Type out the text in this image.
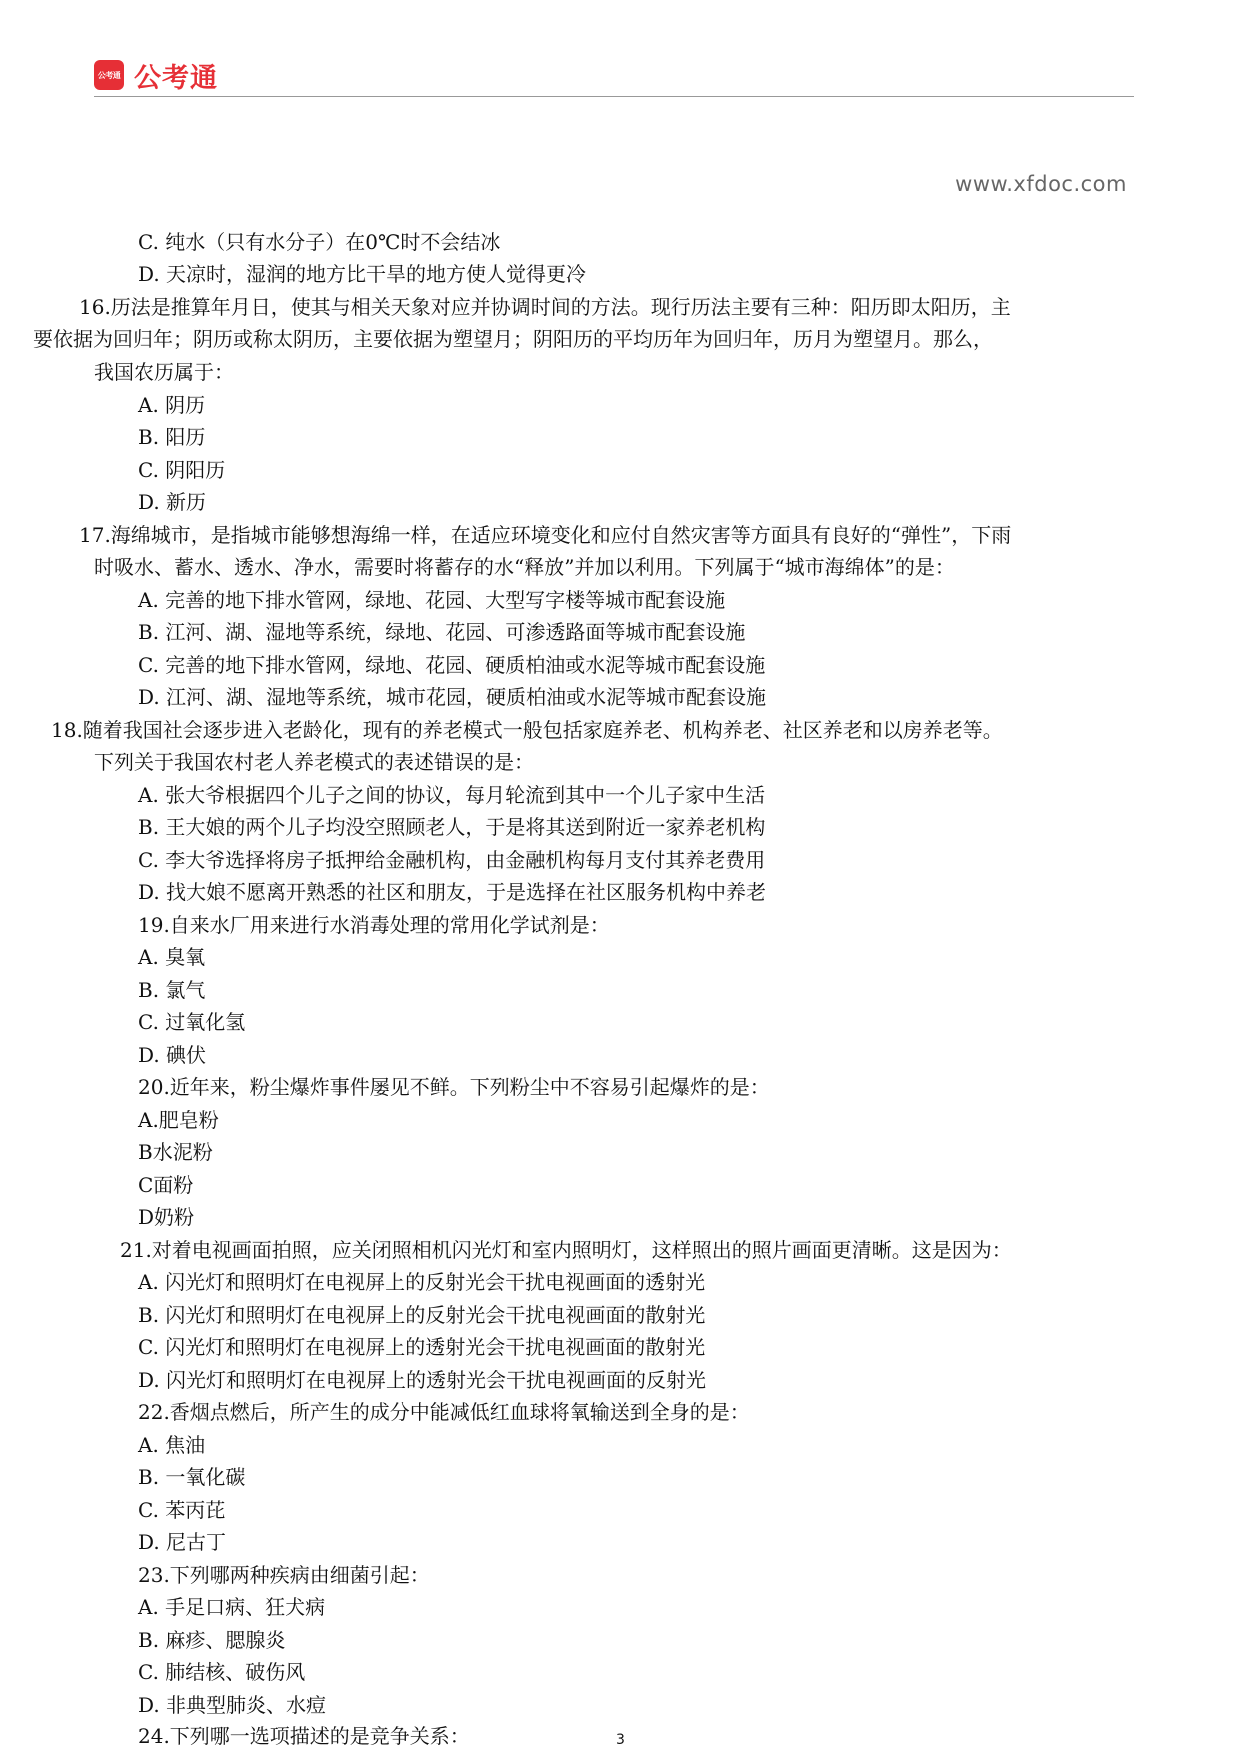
公考通 公考通
www.xfdoc.com
C. 纯水（只有水分子）在0℃时不会结冰
D. 天凉时，湿润的地方比干旱的地方使人觉得更冷
16.历法是推算年月日，使其与相关天象对应并协调时间的方法。现行历法主要有三种：阳历即太阳历，主
要依据为回归年；阴历或称太阴历，主要依据为塑望月；阴阳历的平均历年为回归年，历月为塑望月。那么，
我国农历属于：
A. 阴历
B. 阳历
C. 阴阳历
D. 新历
17.海绵城市，是指城市能够想海绵一样，在适应环境变化和应付自然灾害等方面具有良好的“弹性”，下雨
时吸水、蓄水、透水、净水，需要时将蓄存的水“释放”并加以利用。下列属于“城市海绵体”的是：
A. 完善的地下排水管网，绿地、花园、大型写字楼等城市配套设施
B. 江河、湖、湿地等系统，绿地、花园、可渗透路面等城市配套设施
C. 完善的地下排水管网，绿地、花园、硬质柏油或水泥等城市配套设施
D. 江河、湖、湿地等系统，城市花园，硬质柏油或水泥等城市配套设施
18.随着我国社会逐步进入老龄化，现有的养老模式一般包括家庭养老、机构养老、社区养老和以房养老等。
下列关于我国农村老人养老模式的表述错误的是：
A. 张大爷根据四个儿子之间的协议，每月轮流到其中一个儿子家中生活
B. 王大娘的两个儿子均没空照顾老人，于是将其送到附近一家养老机构
C. 李大爷选择将房子抵押给金融机构，由金融机构每月支付其养老费用
D. 找大娘不愿离开熟悉的社区和朋友，于是选择在社区服务机构中养老
19.自来水厂用来进行水消毒处理的常用化学试剂是：
A. 臭氧
B. 氯气
C. 过氧化氢
D. 碘伏
20.近年来，粉尘爆炸事件屡见不鲜。下列粉尘中不容易引起爆炸的是：
A.肥皂粉
B水泥粉
C面粉
D奶粉
21.对着电视画面拍照，应关闭照相机闪光灯和室内照明灯，这样照出的照片画面更清晰。这是因为：
A. 闪光灯和照明灯在电视屏上的反射光会干扰电视画面的透射光
B. 闪光灯和照明灯在电视屏上的反射光会干扰电视画面的散射光
C. 闪光灯和照明灯在电视屏上的透射光会干扰电视画面的散射光
D. 闪光灯和照明灯在电视屏上的透射光会干扰电视画面的反射光
22.香烟点燃后，所产生的成分中能减低红血球将氧输送到全身的是：
A. 焦油
B. 一氧化碳
C. 苯丙芘
D. 尼古丁
23.下列哪两种疾病由细菌引起：
A. 手足口病、狂犬病
B. 麻疹、腮腺炎
C. 肺结核、破伤风
D. 非典型肺炎、水痘
24.下列哪一选项描述的是竞争关系：	3
